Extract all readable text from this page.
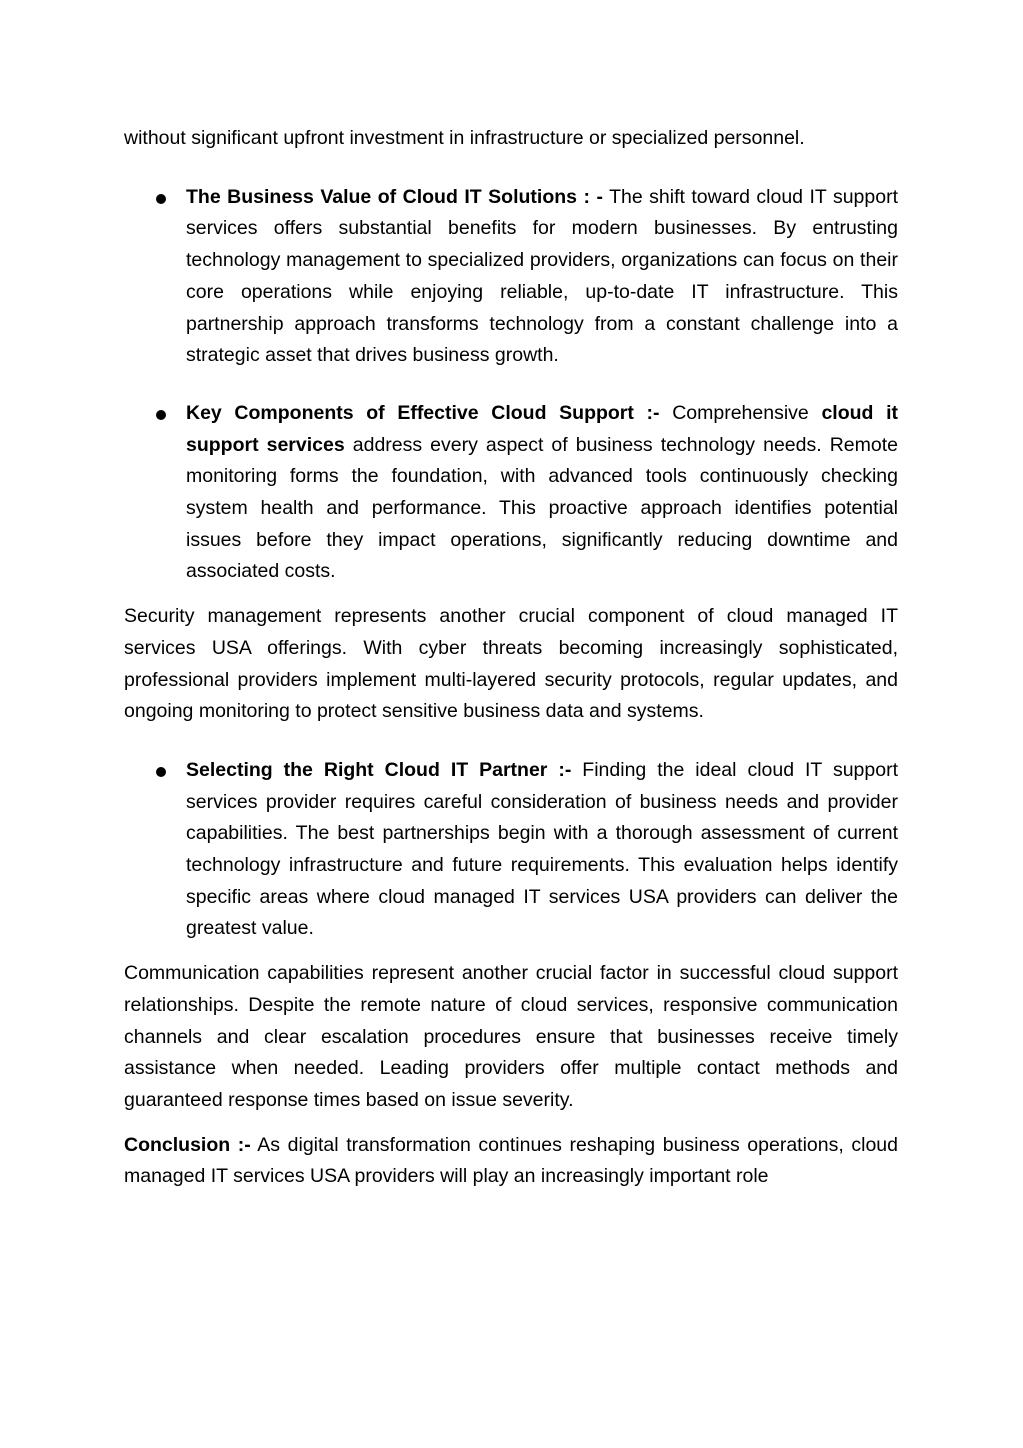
without significant upfront investment in infrastructure or specialized personnel.

The Business Value of Cloud IT Solutions : - The shift toward cloud IT support services offers substantial benefits for modern businesses. By entrusting technology management to specialized providers, organizations can focus on their core operations while enjoying reliable, up-to-date IT infrastructure. This partnership approach transforms technology from a constant challenge into a strategic asset that drives business growth.

Key Components of Effective Cloud Support :- Comprehensive cloud it support services address every aspect of business technology needs. Remote monitoring forms the foundation, with advanced tools continuously checking system health and performance. This proactive approach identifies potential issues before they impact operations, significantly reducing downtime and associated costs.

Security management represents another crucial component of cloud managed IT services USA offerings. With cyber threats becoming increasingly sophisticated, professional providers implement multi-layered security protocols, regular updates, and ongoing monitoring to protect sensitive business data and systems.

Selecting the Right Cloud IT Partner :- Finding the ideal cloud IT support services provider requires careful consideration of business needs and provider capabilities. The best partnerships begin with a thorough assessment of current technology infrastructure and future requirements. This evaluation helps identify specific areas where cloud managed IT services USA providers can deliver the greatest value.

Communication capabilities represent another crucial factor in successful cloud support relationships. Despite the remote nature of cloud services, responsive communication channels and clear escalation procedures ensure that businesses receive timely assistance when needed. Leading providers offer multiple contact methods and guaranteed response times based on issue severity.

Conclusion :- As digital transformation continues reshaping business operations, cloud managed IT services USA providers will play an increasingly important role
